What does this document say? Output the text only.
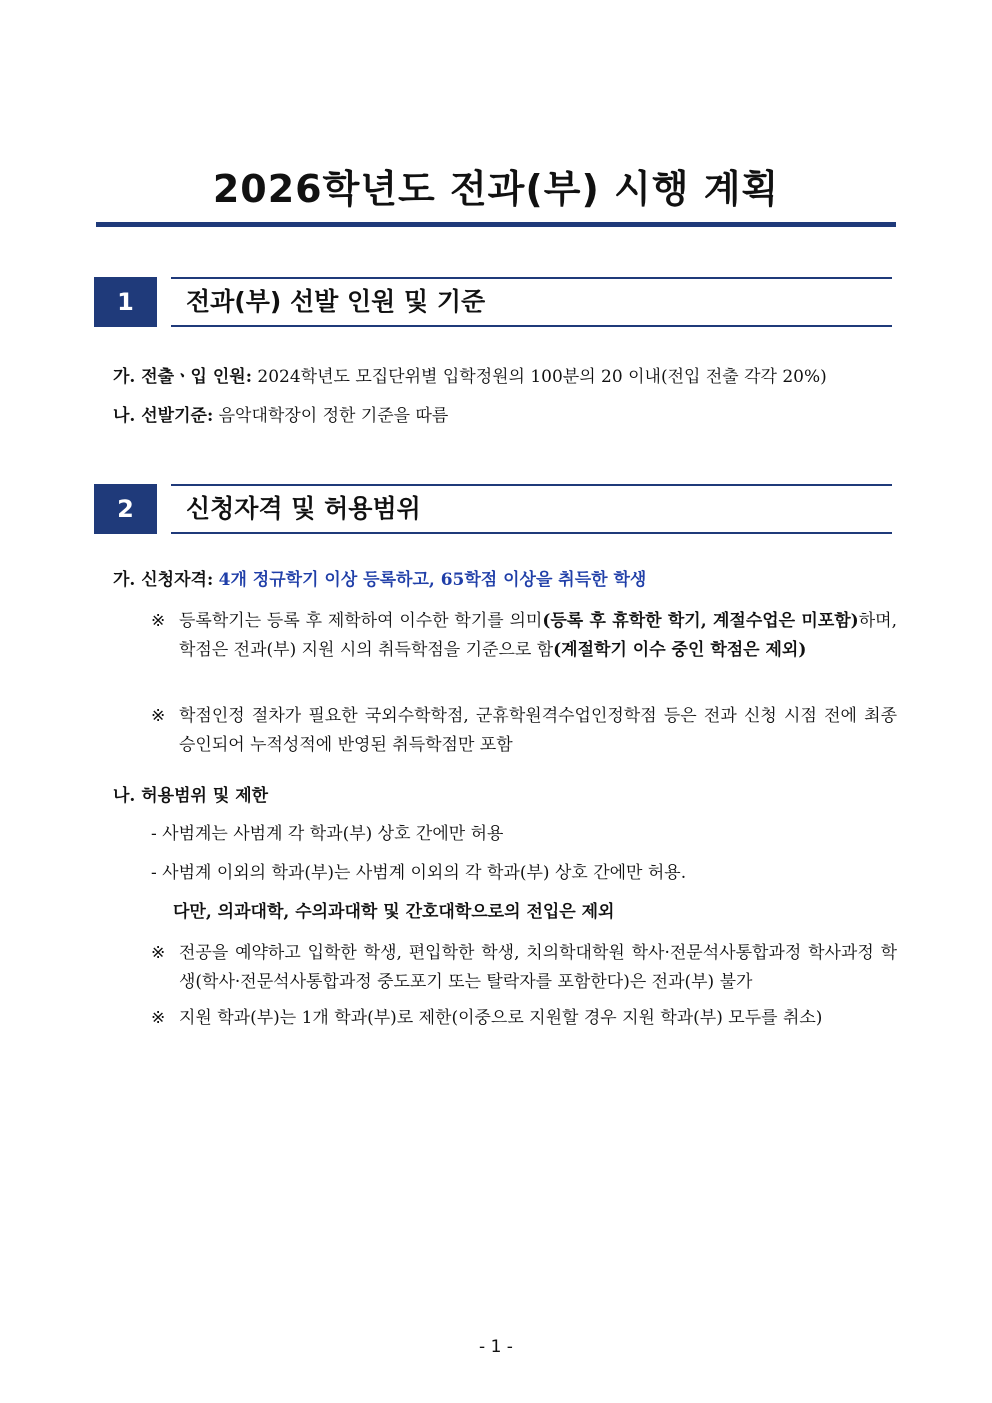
2026학년도 전과(부) 시행 계획
1	전과(부) 선발 인원 및 기준
가. 전출ㆍ입 인원: 2024학년도 모집단위별 입학정원의 100분의 20 이내(전입 전출 각각 20%)
나. 선발기준: 음악대학장이 정한 기준을 따름
2	신청자격 및 허용범위
가. 신청자격: 4개 정규학기 이상 등록하고, 65학점 이상을 취득한 학생
※ 등록학기는 등록 후 제학하여 이수한 학기를 의미(등록 후 휴학한 학기, 계절수업은 미포함)하며, 학점은 전과(부) 지원 시의 취득학점을 기준으로 함(계절학기 이수 중인 학점은 제외)
※ 학점인정 절차가 필요한 국외수학학점, 군휴학원격수업인정학점 등은 전과 신청 시점 전에 최종 승인되어 누적성적에 반영된 취득학점만 포함
나. 허용범위 및 제한
- 사범계는 사범계 각 학과(부) 상호 간에만 허용
- 사범계 이외의 학과(부)는 사범계 이외의 각 학과(부) 상호 간에만 허용.
다만, 의과대학, 수의과대학 및 간호대학으로의 전입은 제외
※ 전공을 예약하고 입학한 학생, 편입학한 학생, 치의학대학원 학사·전문석사통합과정 학사과정 학생(학사·전문석사통합과정 중도포기 또는 탈락자를 포함한다)은 전과(부) 불가
※ 지원 학과(부)는 1개 학과(부)로 제한(이중으로 지원할 경우 지원 학과(부) 모두를 취소)
- 1 -
